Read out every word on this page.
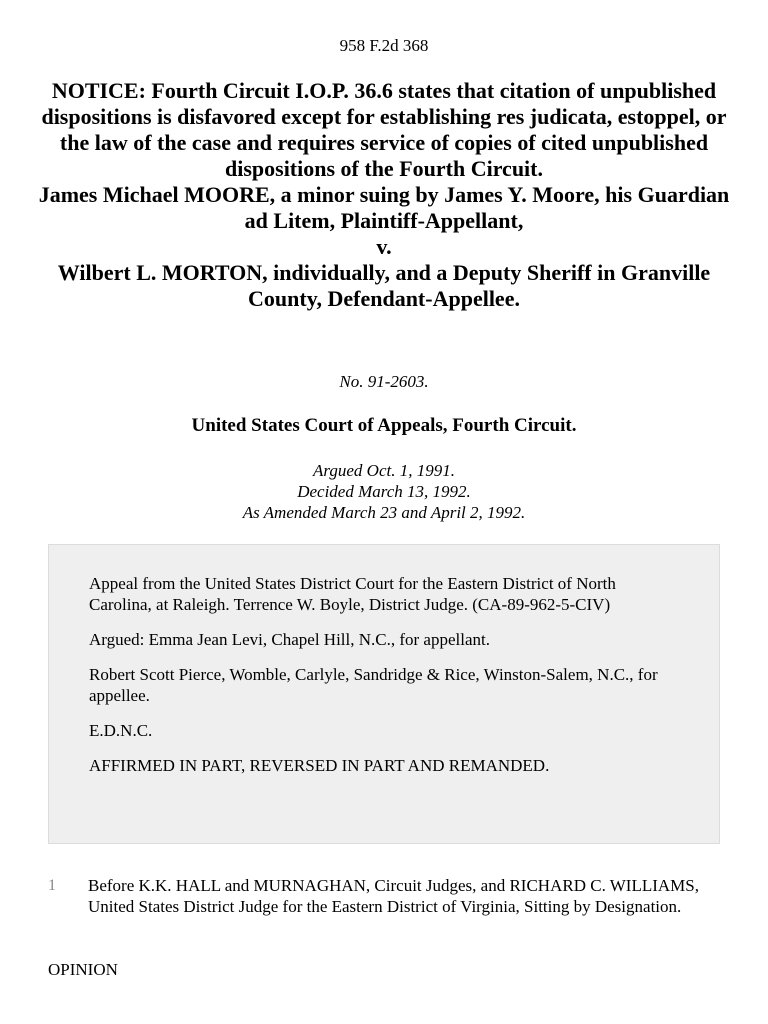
958 F.2d 368
NOTICE: Fourth Circuit I.O.P. 36.6 states that citation of unpublished dispositions is disfavored except for establishing res judicata, estoppel, or the law of the case and requires service of copies of cited unpublished dispositions of the Fourth Circuit.
James Michael MOORE, a minor suing by James Y. Moore, his Guardian ad Litem, Plaintiff-Appellant,
v.
Wilbert L. MORTON, individually, and a Deputy Sheriff in Granville County, Defendant-Appellee.
No. 91-2603.
United States Court of Appeals, Fourth Circuit.
Argued Oct. 1, 1991.
Decided March 13, 1992.
As Amended March 23 and April 2, 1992.

Appeal from the United States District Court for the Eastern District of North Carolina, at Raleigh. Terrence W. Boyle, District Judge. (CA-89-962-5-CIV)

Argued: Emma Jean Levi, Chapel Hill, N.C., for appellant.

Robert Scott Pierce, Womble, Carlyle, Sandridge & Rice, Winston-Salem, N.C., for appellee.

E.D.N.C.

AFFIRMED IN PART, REVERSED IN PART AND REMANDED.

1 Before K.K. HALL and MURNAGHAN, Circuit Judges, and RICHARD C. WILLIAMS, United States District Judge for the Eastern District of Virginia, Sitting by Designation.
OPINION
